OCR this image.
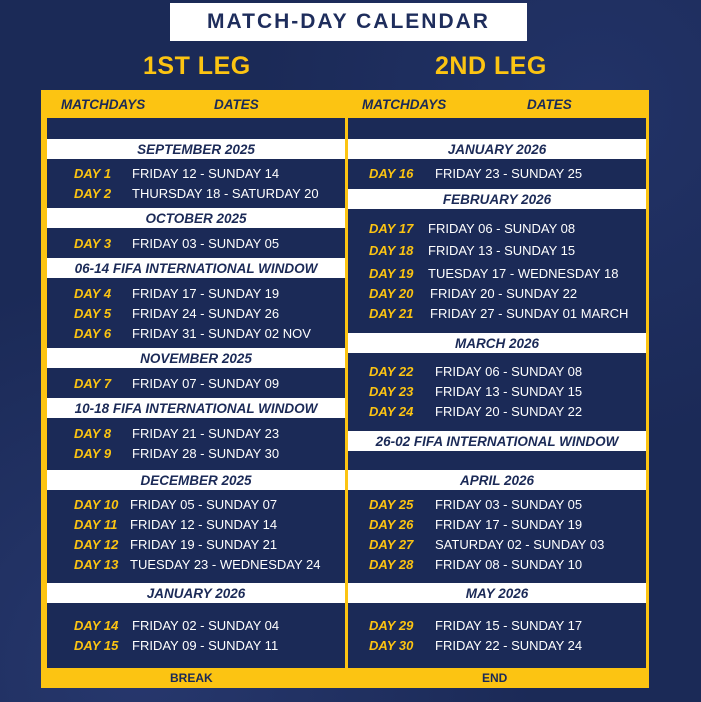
MATCH-DAY CALENDAR
1ST LEG	2ND LEG
MATCHDAYS	DATES	MATCHDAYS	DATES
SEPTEMBER 2025
OCTOBER 2025
06-14 FIFA INTERNATIONAL WINDOW
NOVEMBER 2025
10-18 FIFA INTERNATIONAL WINDOW
DECEMBER 2025
JANUARY 2026
DAY 1 FRIDAY 12 - SUNDAY 14
DAY 2 THURSDAY 18 - SATURDAY 20
DAY 3 FRIDAY 03 - SUNDAY 05
DAY 4 FRIDAY 17 - SUNDAY 19
DAY 5 FRIDAY 24 - SUNDAY 26
DAY 6 FRIDAY 31 - SUNDAY 02 NOV
DAY 7 FRIDAY 07 - SUNDAY 09
DAY 8 FRIDAY 21 - SUNDAY 23
DAY 9 FRIDAY 28 - SUNDAY 30
DAY 10 FRIDAY 05 - SUNDAY 07
DAY 11 FRIDAY 12 - SUNDAY 14
DAY 12 FRIDAY 19 - SUNDAY 21
DAY 13 TUESDAY 23 - WEDNESDAY 24
DAY 14 FRIDAY 02 - SUNDAY 04
DAY 15 FRIDAY 09 - SUNDAY 11
JANUARY 2026
FEBRUARY 2026
MARCH 2026
26-02 FIFA INTERNATIONAL WINDOW
APRIL 2026
MAY 2026
DAY 16 FRIDAY 23 - SUNDAY 25
DAY 17 FRIDAY 06 - SUNDAY 08
DAY 18 FRIDAY 13 - SUNDAY 15
DAY 19 TUESDAY 17 - WEDNESDAY 18
DAY 20 FRIDAY 20 - SUNDAY 22
DAY 21 FRIDAY 27 - SUNDAY 01 MARCH
DAY 22 FRIDAY 06 - SUNDAY 08
DAY 23 FRIDAY 13 - SUNDAY 15
DAY 24 FRIDAY 20 - SUNDAY 22
DAY 25 FRIDAY 03 - SUNDAY 05
DAY 26 FRIDAY 17 - SUNDAY 19
DAY 27 SATURDAY 02 - SUNDAY 03
DAY 28 FRIDAY 08 - SUNDAY 10
DAY 29 FRIDAY 15 - SUNDAY 17
DAY 30 FRIDAY 22 - SUNDAY 24
BREAK	END
